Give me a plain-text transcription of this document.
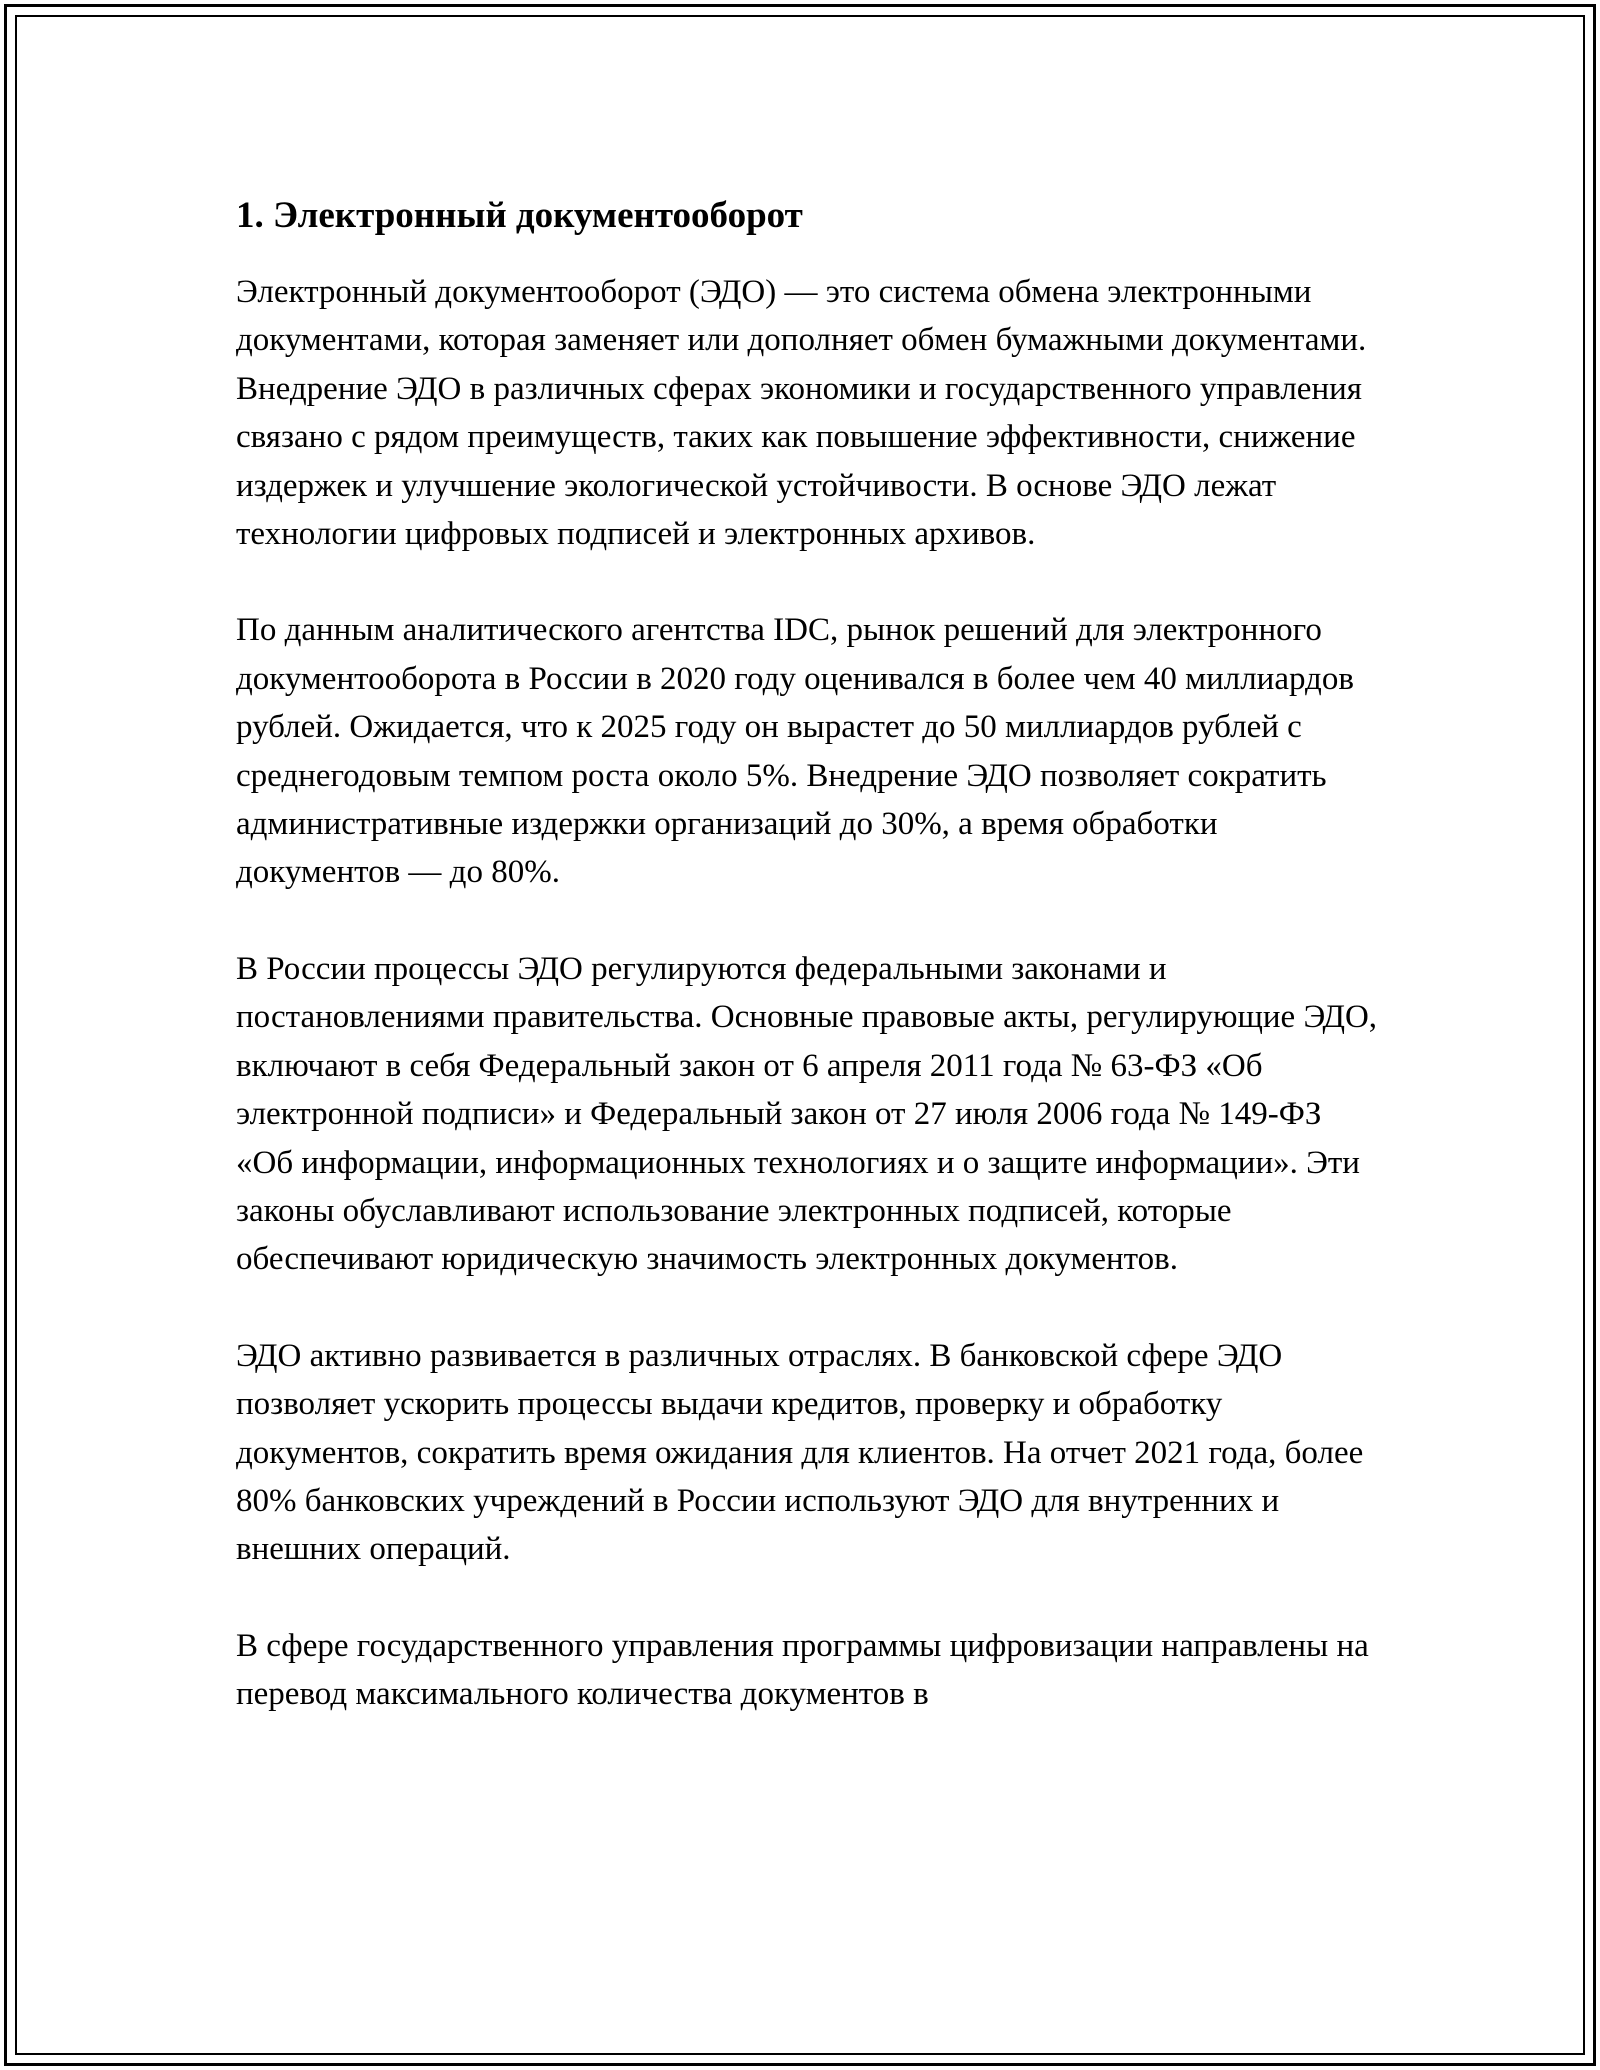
1. Электронный документооборот

Электронный документооборот (ЭДО) — это система обмена электронными документами, которая заменяет или дополняет обмен бумажными документами. Внедрение ЭДО в различных сферах экономики и государственного управления связано с рядом преимуществ, таких как повышение эффективности, снижение издержек и улучшение экологической устойчивости. В основе ЭДО лежат технологии цифровых подписей и электронных архивов.

По данным аналитического агентства IDC, рынок решений для электронного документооборота в России в 2020 году оценивался в более чем 40 миллиардов рублей. Ожидается, что к 2025 году он вырастет до 50 миллиардов рублей с среднегодовым темпом роста около 5%. Внедрение ЭДО позволяет сократить административные издержки организаций до 30%, а время обработки документов — до 80%.

В России процессы ЭДО регулируются федеральными законами и постановлениями правительства. Основные правовые акты, регулирующие ЭДО, включают в себя Федеральный закон от 6 апреля 2011 года № 63-ФЗ «Об электронной подписи» и Федеральный закон от 27 июля 2006 года № 149-ФЗ «Об информации, информационных технологиях и о защите информации». Эти законы обуславливают использование электронных подписей, которые обеспечивают юридическую значимость электронных документов.

ЭДО активно развивается в различных отраслях. В банковской сфере ЭДО позволяет ускорить процессы выдачи кредитов, проверку и обработку документов, сократить время ожидания для клиентов. На отчет 2021 года, более 80% банковских учреждений в России используют ЭДО для внутренних и внешних операций.

В сфере государственного управления программы цифровизации направлены на перевод максимального количества документов в
